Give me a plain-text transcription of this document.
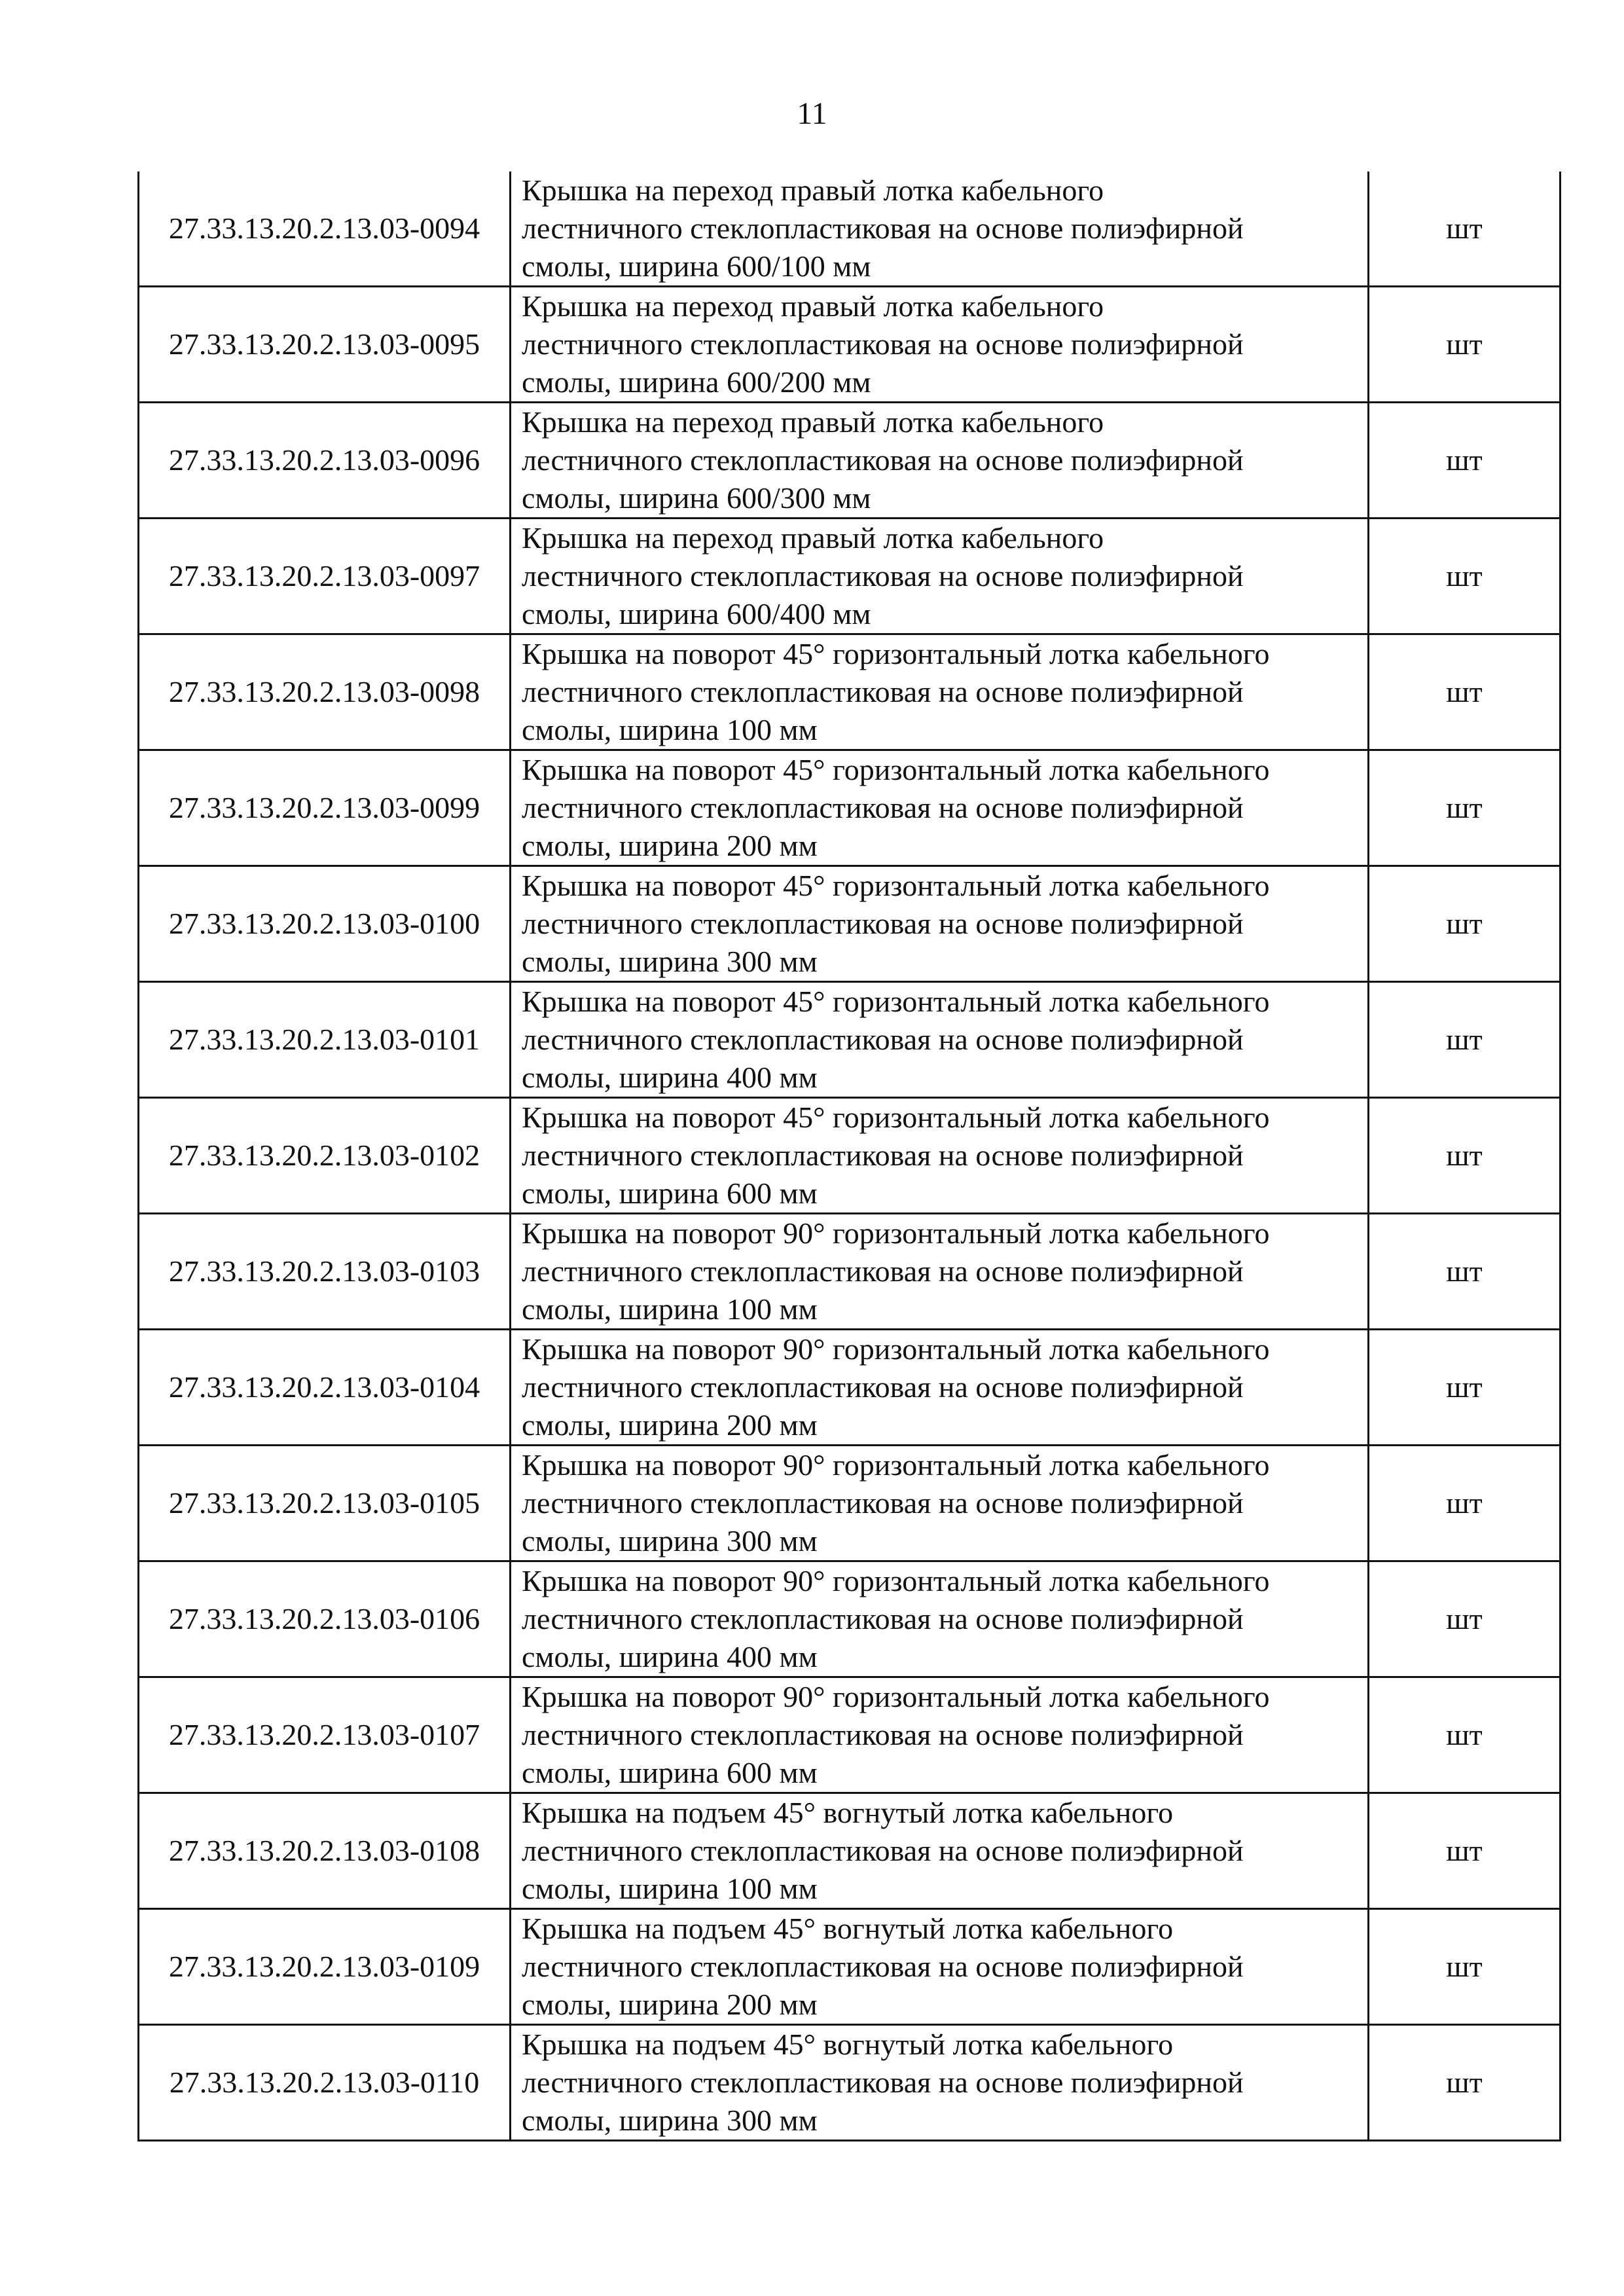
11
27.33.13.20.2.13.03-0094	Крышка на переход правый лотка кабельного
лестничного стеклопластиковая на основе полиэфирной
смолы, ширина 600/100 мм	шт
27.33.13.20.2.13.03-0095	Крышка на переход правый лотка кабельного
лестничного стеклопластиковая на основе полиэфирной
смолы, ширина 600/200 мм	шт
27.33.13.20.2.13.03-0096	Крышка на переход правый лотка кабельного
лестничного стеклопластиковая на основе полиэфирной
смолы, ширина 600/300 мм	шт
27.33.13.20.2.13.03-0097	Крышка на переход правый лотка кабельного
лестничного стеклопластиковая на основе полиэфирной
смолы, ширина 600/400 мм	шт
27.33.13.20.2.13.03-0098	Крышка на поворот 45° горизонтальный лотка кабельного
лестничного стеклопластиковая на основе полиэфирной
смолы, ширина 100 мм	шт
27.33.13.20.2.13.03-0099	Крышка на поворот 45° горизонтальный лотка кабельного
лестничного стеклопластиковая на основе полиэфирной
смолы, ширина 200 мм	шт
27.33.13.20.2.13.03-0100	Крышка на поворот 45° горизонтальный лотка кабельного
лестничного стеклопластиковая на основе полиэфирной
смолы, ширина 300 мм	шт
27.33.13.20.2.13.03-0101	Крышка на поворот 45° горизонтальный лотка кабельного
лестничного стеклопластиковая на основе полиэфирной
смолы, ширина 400 мм	шт
27.33.13.20.2.13.03-0102	Крышка на поворот 45° горизонтальный лотка кабельного
лестничного стеклопластиковая на основе полиэфирной
смолы, ширина 600 мм	шт
27.33.13.20.2.13.03-0103	Крышка на поворот 90° горизонтальный лотка кабельного
лестничного стеклопластиковая на основе полиэфирной
смолы, ширина 100 мм	шт
27.33.13.20.2.13.03-0104	Крышка на поворот 90° горизонтальный лотка кабельного
лестничного стеклопластиковая на основе полиэфирной
смолы, ширина 200 мм	шт
27.33.13.20.2.13.03-0105	Крышка на поворот 90° горизонтальный лотка кабельного
лестничного стеклопластиковая на основе полиэфирной
смолы, ширина 300 мм	шт
27.33.13.20.2.13.03-0106	Крышка на поворот 90° горизонтальный лотка кабельного
лестничного стеклопластиковая на основе полиэфирной
смолы, ширина 400 мм	шт
27.33.13.20.2.13.03-0107	Крышка на поворот 90° горизонтальный лотка кабельного
лестничного стеклопластиковая на основе полиэфирной
смолы, ширина 600 мм	шт
27.33.13.20.2.13.03-0108	Крышка на подъем 45° вогнутый лотка кабельного
лестничного стеклопластиковая на основе полиэфирной
смолы, ширина 100 мм	шт
27.33.13.20.2.13.03-0109	Крышка на подъем 45° вогнутый лотка кабельного
лестничного стеклопластиковая на основе полиэфирной
смолы, ширина 200 мм	шт
27.33.13.20.2.13.03-0110	Крышка на подъем 45° вогнутый лотка кабельного
лестничного стеклопластиковая на основе полиэфирной
смолы, ширина 300 мм	шт
